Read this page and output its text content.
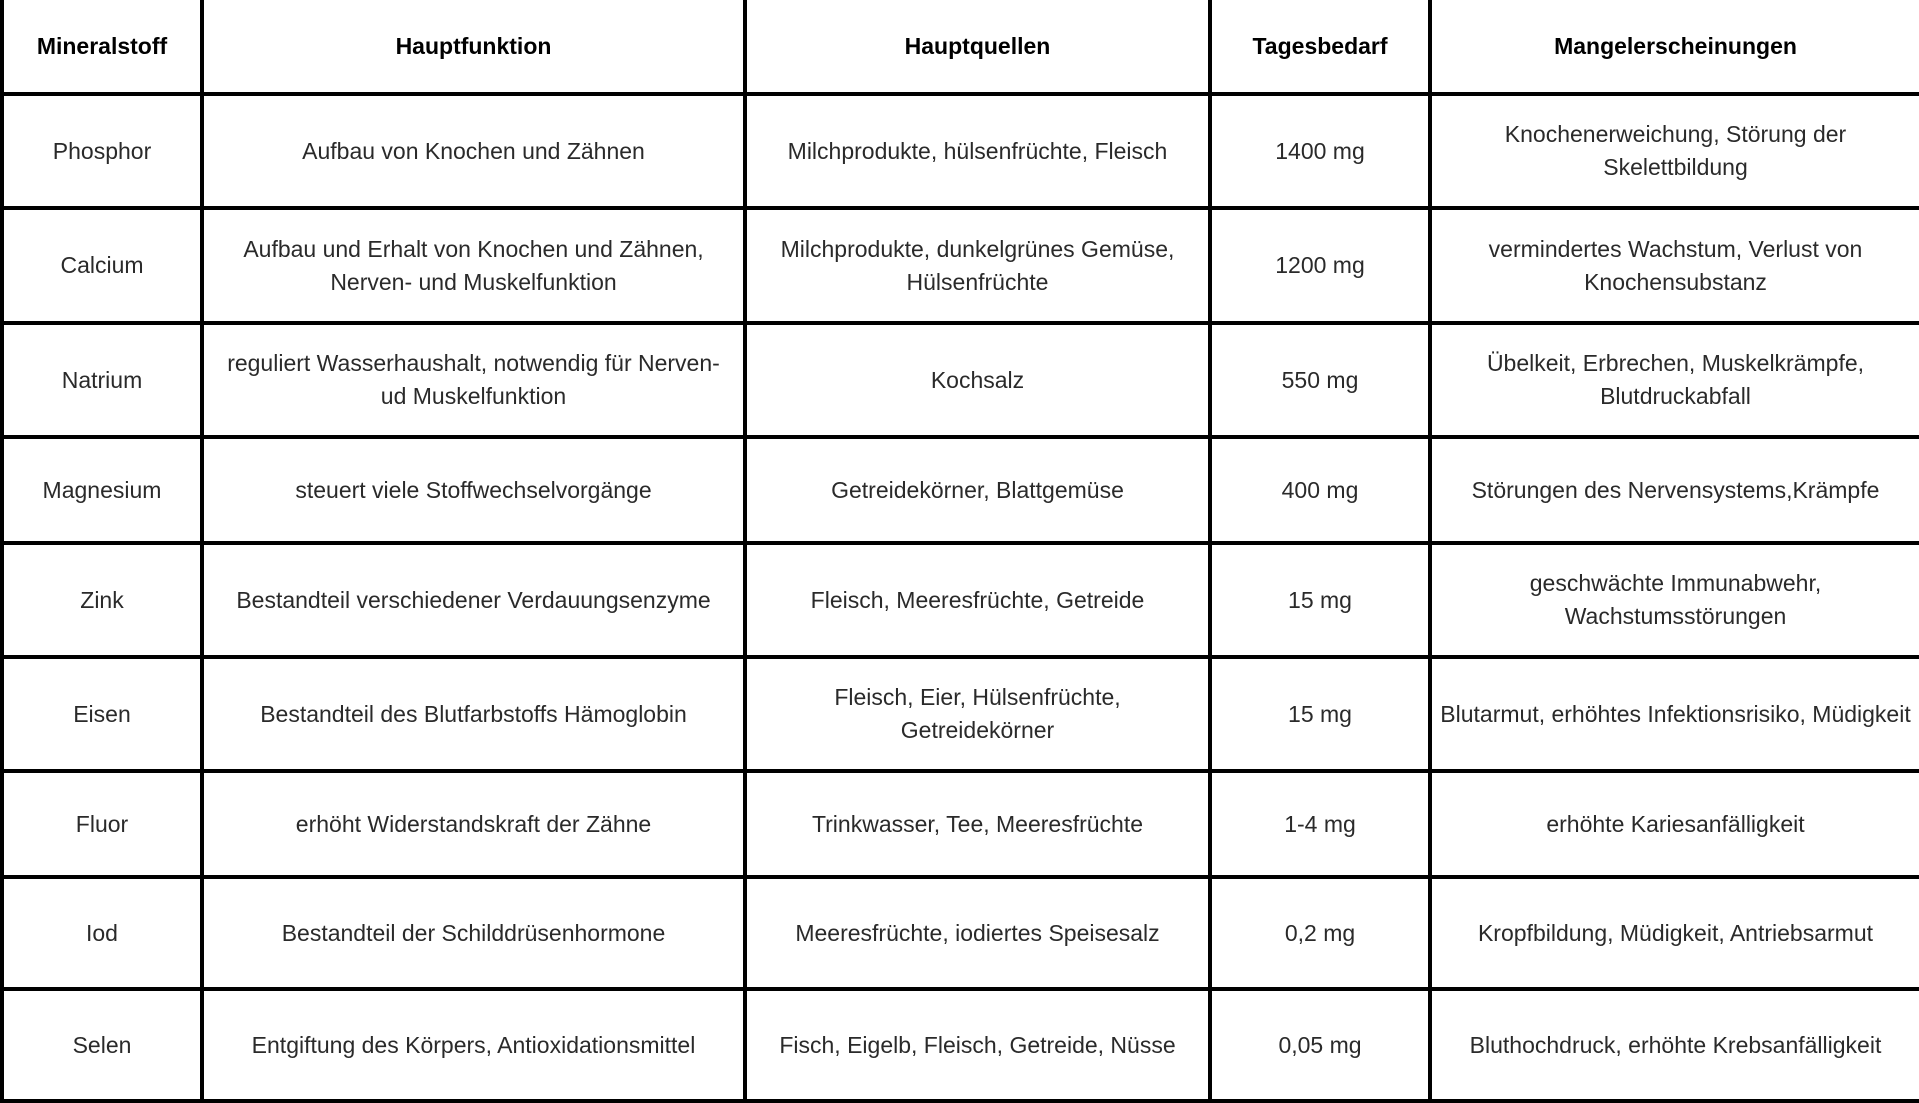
Mineralstoff	Hauptfunktion	Hauptquellen	Tagesbedarf	Mangelerscheinungen
Phosphor	Aufbau von Knochen und Zähnen	Milchprodukte, hülsenfrüchte, Fleisch	1400 mg	Knochenerweichung, Störung der Skelettbildung
Calcium	Aufbau und Erhalt von Knochen und Zähnen, Nerven- und Muskelfunktion	Milchprodukte, dunkelgrünes Gemüse, Hülsenfrüchte	1200 mg	vermindertes Wachstum, Verlust von Knochensubstanz
Natrium	reguliert Wasserhaushalt, notwendig für Nerven- ud Muskelfunktion	Kochsalz	550 mg	Übelkeit, Erbrechen, Muskelkrämpfe, Blutdruckabfall
Magnesium	steuert viele Stoffwechselvorgänge	Getreidekörner, Blattgemüse	400 mg	Störungen des Nervensystems,Krämpfe
Zink	Bestandteil verschiedener Verdauungsenzyme	Fleisch, Meeresfrüchte, Getreide	15 mg	geschwächte Immunabwehr, Wachstumsstörungen
Eisen	Bestandteil des Blutfarbstoffs Hämoglobin	Fleisch, Eier, Hülsenfrüchte, Getreidekörner	15 mg	Blutarmut, erhöhtes Infektionsrisiko, Müdigkeit
Fluor	erhöht Widerstandskraft der Zähne	Trinkwasser, Tee, Meeresfrüchte	1-4 mg	erhöhte Kariesanfälligkeit
Iod	Bestandteil der Schilddrüsenhormone	Meeresfrüchte, iodiertes Speisesalz	0,2 mg	Kropfbildung, Müdigkeit, Antriebsarmut
Selen	Entgiftung des Körpers, Antioxidationsmittel	Fisch, Eigelb, Fleisch, Getreide, Nüsse	0,05 mg	Bluthochdruck, erhöhte Krebsanfälligkeit
